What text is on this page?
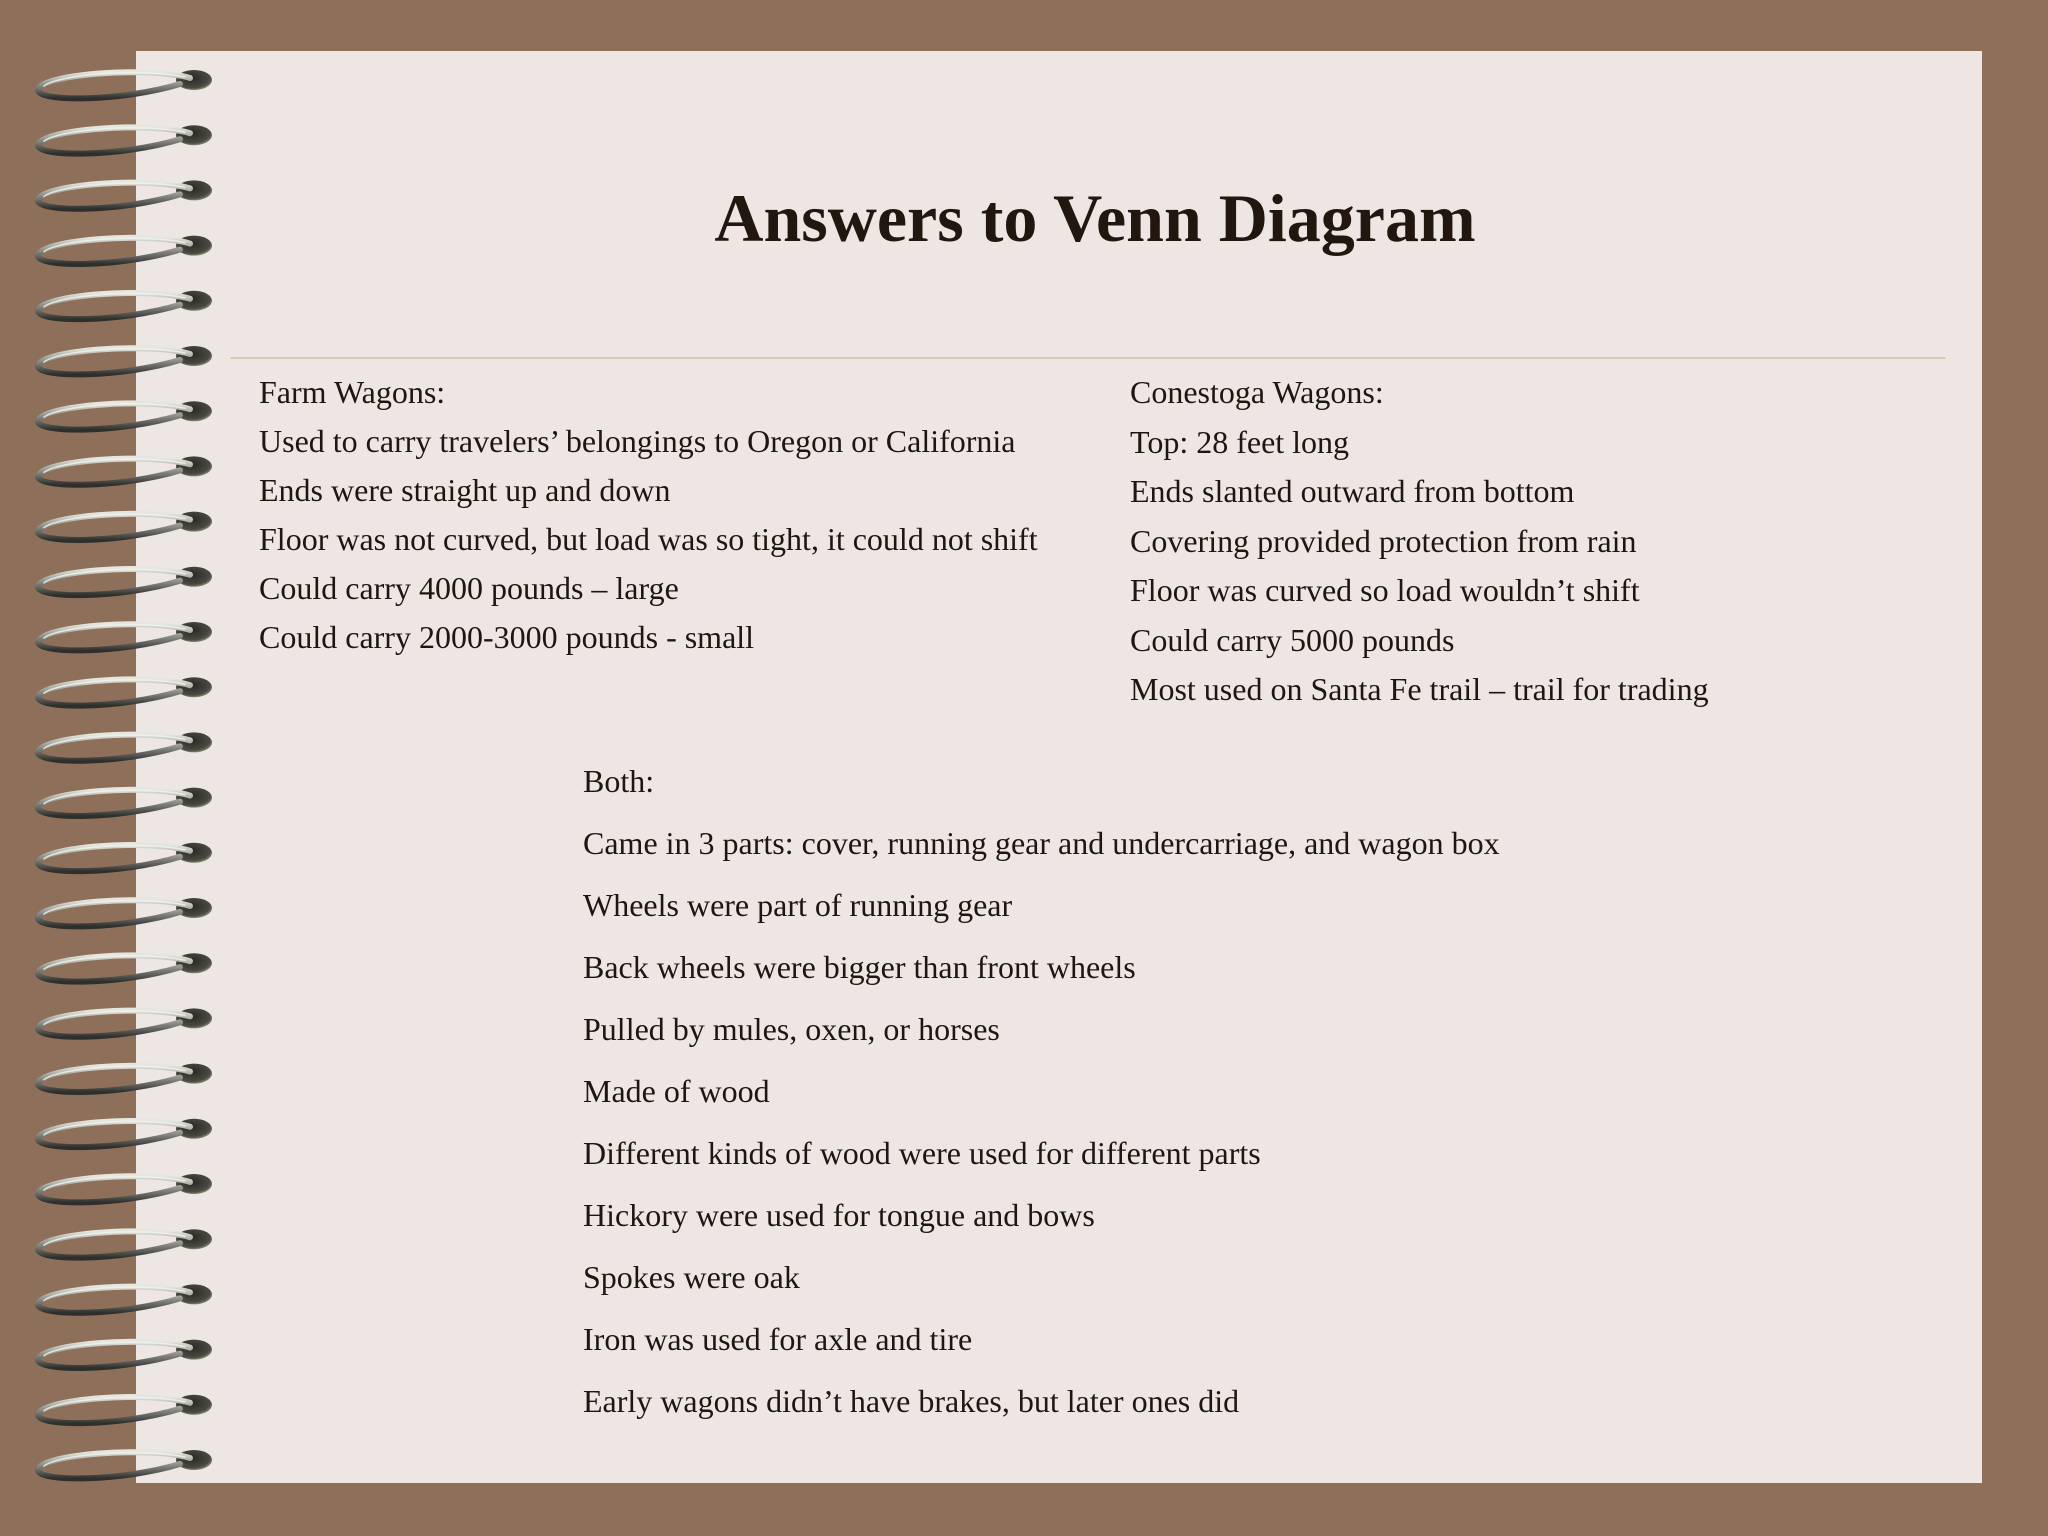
Answers to Venn Diagram
Farm Wagons:
Used to carry travelers’ belongings to Oregon or California
Ends were straight up and down
Floor was not curved, but load was so tight, it could not shift
Could carry 4000 pounds – large
Could carry 2000-3000 pounds - small
Conestoga Wagons:
Top: 28 feet long
Ends slanted outward from bottom
Covering provided protection from rain
Floor was curved so load wouldn’t shift
Could carry 5000 pounds
Most used on Santa Fe trail – trail for trading
Both:
Came in 3 parts: cover, running gear and undercarriage, and wagon box
Wheels were part of running gear
Back wheels were bigger than front wheels
Pulled by mules, oxen, or horses
Made of wood
Different kinds of wood were used for different parts
Hickory were used for tongue and bows
Spokes were oak
Iron was used for axle and tire
Early wagons didn’t have brakes, but later ones did
